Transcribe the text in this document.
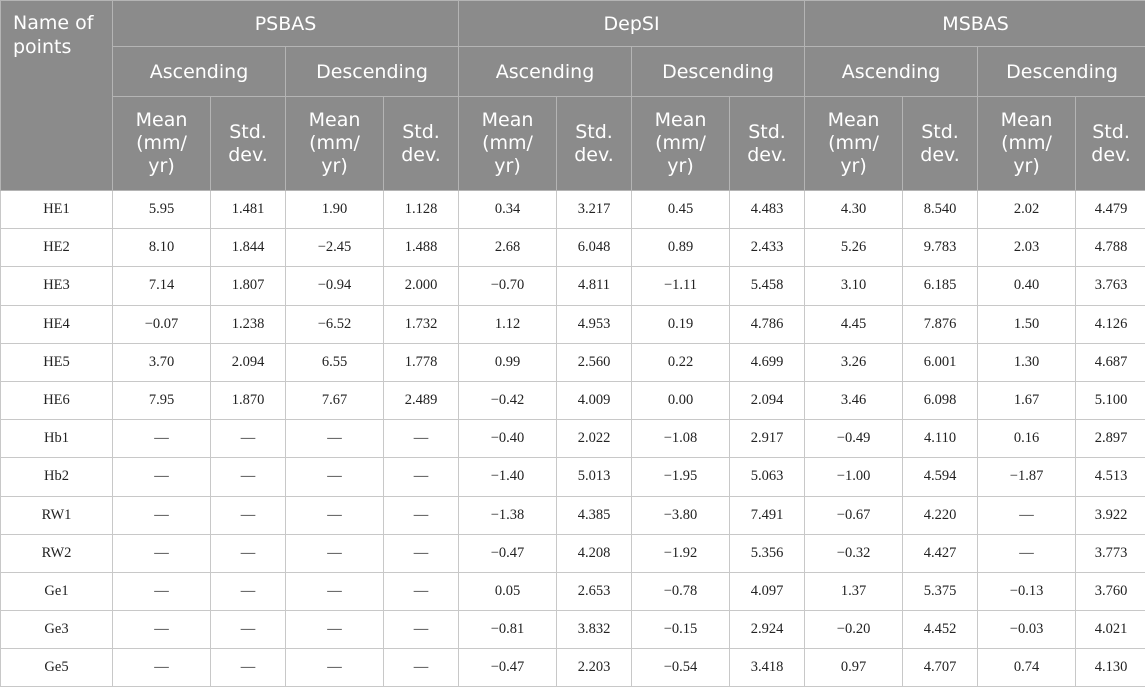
Name of
points	PSBAS				DepSI				MSBAS			
	Ascending		Descending		Ascending		Descending		Ascending		Descending	
	Mean
(mm/
yr)	Std.
dev.	Mean
(mm/
yr)	Std.
dev.	Mean
(mm/
yr)	Std.
dev.	Mean
(mm/
yr)	Std.
dev.	Mean
(mm/
yr)	Std.
dev.	Mean
(mm/
yr)	Std.
dev.
HE1	5.95	1.481	1.90	1.128	0.34	3.217	0.45	4.483	4.30	8.540	2.02	4.479
HE2	8.10	1.844	−2.45	1.488	2.68	6.048	0.89	2.433	5.26	9.783	2.03	4.788
HE3	7.14	1.807	−0.94	2.000	−0.70	4.811	−1.11	5.458	3.10	6.185	0.40	3.763
HE4	−0.07	1.238	−6.52	1.732	1.12	4.953	0.19	4.786	4.45	7.876	1.50	4.126
HE5	3.70	2.094	6.55	1.778	0.99	2.560	0.22	4.699	3.26	6.001	1.30	4.687
HE6	7.95	1.870	7.67	2.489	−0.42	4.009	0.00	2.094	3.46	6.098	1.67	5.100
Hb1	—	—	—	—	−0.40	2.022	−1.08	2.917	−0.49	4.110	0.16	2.897
Hb2	—	—	—	—	−1.40	5.013	−1.95	5.063	−1.00	4.594	−1.87	4.513
RW1	—	—	—	—	−1.38	4.385	−3.80	7.491	−0.67	4.220	—	3.922
RW2	—	—	—	—	−0.47	4.208	−1.92	5.356	−0.32	4.427	—	3.773
Ge1	—	—	—	—	0.05	2.653	−0.78	4.097	1.37	5.375	−0.13	3.760
Ge3	—	—	—	—	−0.81	3.832	−0.15	2.924	−0.20	4.452	−0.03	4.021
Ge5	—	—	—	—	−0.47	2.203	−0.54	3.418	0.97	4.707	0.74	4.130
